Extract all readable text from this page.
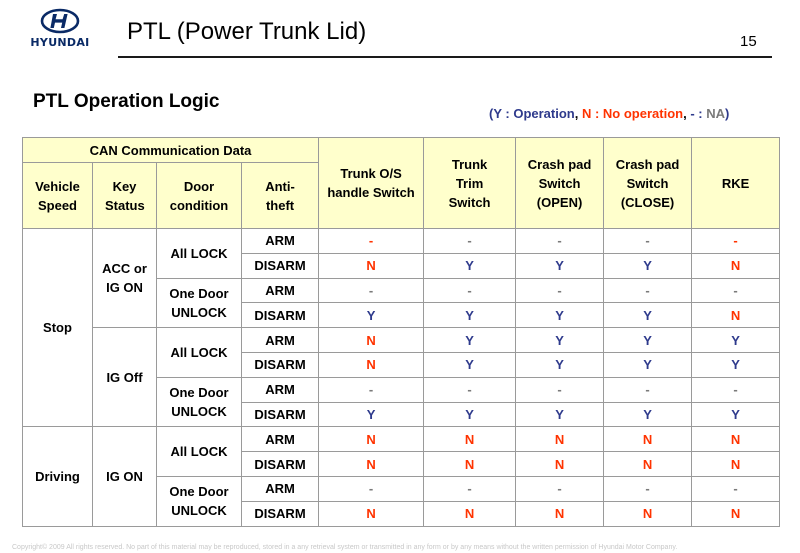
HYUNDAI PTL (Power Trunk Lid)	15
PTL Operation Logic
(Y : Operation, N : No operation, - : NA)
CAN Communication Data				Trunk O/S handle Switch	Trunk Trim Switch	Crash pad Switch (OPEN)	Crash pad Switch (CLOSE)	RKE
Vehicle Speed	Key Status	Door condition	Anti-theft					
Stop	ACC or IG ON	All LOCK	ARM	-	-	-	-	-
			DISARM	N	Y	Y	Y	N
		One Door UNLOCK	ARM	-	-	-	-	-
			DISARM	Y	Y	Y	Y	N
	IG Off	All LOCK	ARM	N	Y	Y	Y	Y
			DISARM	N	Y	Y	Y	Y
		One Door UNLOCK	ARM	-	-	-	-	-
			DISARM	Y	Y	Y	Y	Y
Driving	IG ON	All LOCK	ARM	N	N	N	N	N
			DISARM	N	N	N	N	N
		One Door UNLOCK	ARM	-	-	-	-	-
			DISARM	N	N	N	N	N
Copyright© 2009 All rights reserved. No part of this material may be reproduced, stored in a any retrieval system or transmitted in any form or by any means without the written permission of Hyundai Motor Company.
